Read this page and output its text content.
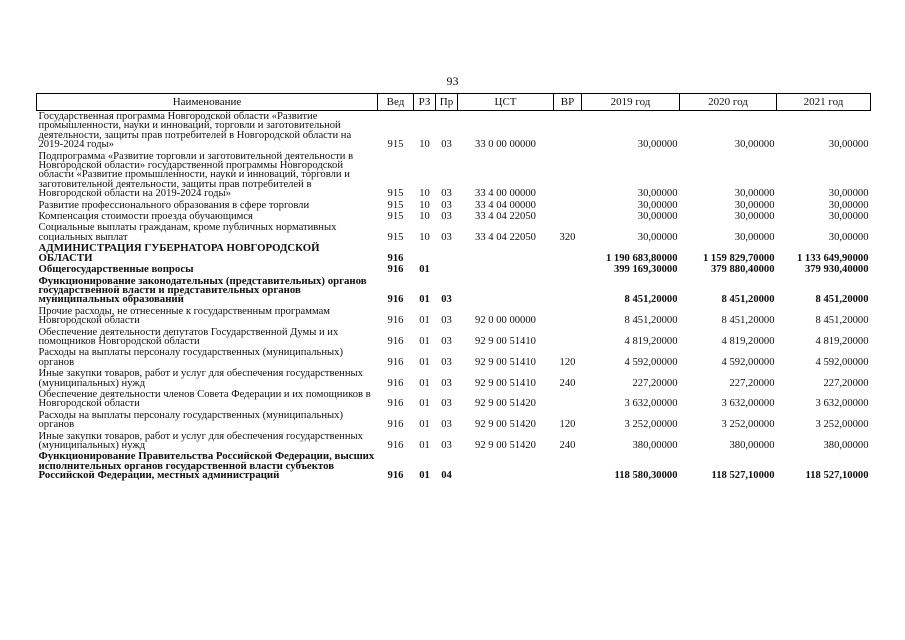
93
Наименование	Вед	РЗ	Пр	ЦСТ	ВР	2019 год	2020 год	2021 год
Государственная программа Новгородской области «Развитие промышленности, науки и инноваций, торговли и заготовительной деятельности, защиты прав потребителей в Новгородской области на 2019-2024 годы»	915	10	03	33 0 00 00000		30,00000	30,00000	30,00000
Подпрограмма «Развитие торговли и заготовительной деятельности в Новгородской области» государственной программы Новгородской области «Развитие промышленности, науки и инноваций, торговли и заготовительной деятельности, защиты прав потребителей в Новгородской области на 2019-2024 годы»	915	10	03	33 4 00 00000		30,00000	30,00000	30,00000
Развитие профессионального образования в сфере торговли	915	10	03	33 4 04 00000		30,00000	30,00000	30,00000
Компенсация стоимости проезда обучающимся	915	10	03	33 4 04 22050		30,00000	30,00000	30,00000
Социальные выплаты гражданам, кроме публичных нормативных социальных выплат	915	10	03	33 4 04 22050	320	30,00000	30,00000	30,00000
АДМИНИСТРАЦИЯ ГУБЕРНАТОРА НОВГОРОДСКОЙ ОБЛАСТИ	916					1 190 683,80000	1 159 829,70000	1 133 649,90000
Общегосударственные вопросы	916	01				399 169,30000	379 880,40000	379 930,40000
Функционирование законодательных (представительных) органов государственной власти и представительных органов муниципальных образований	916	01	03			8 451,20000	8 451,20000	8 451,20000
Прочие расходы, не отнесенные к государственным программам Новгородской области	916	01	03	92 0 00 00000		8 451,20000	8 451,20000	8 451,20000
Обеспечение деятельности депутатов Государственной Думы и их помощников Новгородской области	916	01	03	92 9 00 51410		4 819,20000	4 819,20000	4 819,20000
Расходы на выплаты персоналу государственных (муниципальных) органов	916	01	03	92 9 00 51410	120	4 592,00000	4 592,00000	4 592,00000
Иные закупки товаров, работ и услуг для обеспечения государственных (муниципальных) нужд	916	01	03	92 9 00 51410	240	227,20000	227,20000	227,20000
Обеспечение деятельности членов Совета Федерации и их помощников в Новгородской области	916	01	03	92 9 00 51420		3 632,00000	3 632,00000	3 632,00000
Расходы на выплаты персоналу государственных (муниципальных) органов	916	01	03	92 9 00 51420	120	3 252,00000	3 252,00000	3 252,00000
Иные закупки товаров, работ и услуг для обеспечения государственных (муниципальных) нужд	916	01	03	92 9 00 51420	240	380,00000	380,00000	380,00000
Функционирование Правительства Российской Федерации, высших исполнительных органов государственной власти субъектов Российской Федерации, местных администраций	916	01	04			118 580,30000	118 527,10000	118 527,10000
